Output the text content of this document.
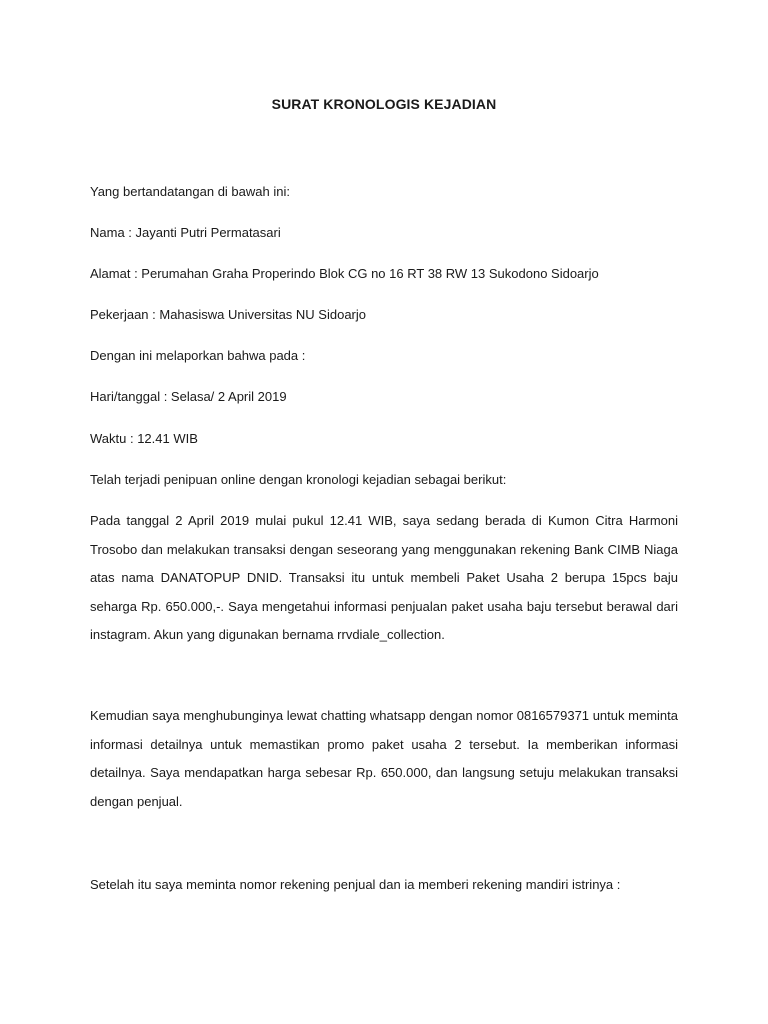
SURAT KRONOLOGIS KEJADIAN
Yang bertandatangan di bawah ini:
Nama : Jayanti Putri Permatasari
Alamat : Perumahan Graha Properindo Blok CG no 16 RT 38 RW 13 Sukodono Sidoarjo
Pekerjaan : Mahasiswa Universitas NU Sidoarjo
Dengan ini melaporkan bahwa pada :
Hari/tanggal : Selasa/ 2 April 2019
Waktu : 12.41 WIB
Telah terjadi penipuan online dengan kronologi kejadian sebagai berikut:
Pada tanggal 2 April 2019 mulai pukul 12.41 WIB, saya sedang berada di Kumon Citra Harmoni Trosobo dan melakukan transaksi dengan seseorang yang menggunakan rekening Bank CIMB Niaga atas nama DANATOPUP DNID. Transaksi itu untuk membeli Paket Usaha 2 berupa 15pcs baju seharga Rp. 650.000,-. Saya mengetahui informasi penjualan paket usaha baju tersebut berawal dari instagram. Akun yang digunakan bernama rrvdiale_collection.
Kemudian saya menghubunginya lewat chatting whatsapp dengan nomor 0816579371 untuk meminta informasi detailnya untuk memastikan promo paket usaha 2 tersebut. Ia memberikan informasi detailnya. Saya mendapatkan harga sebesar Rp. 650.000, dan langsung setuju melakukan transaksi dengan penjual.
Setelah itu saya meminta nomor rekening penjual dan ia memberi rekening mandiri istrinya :
